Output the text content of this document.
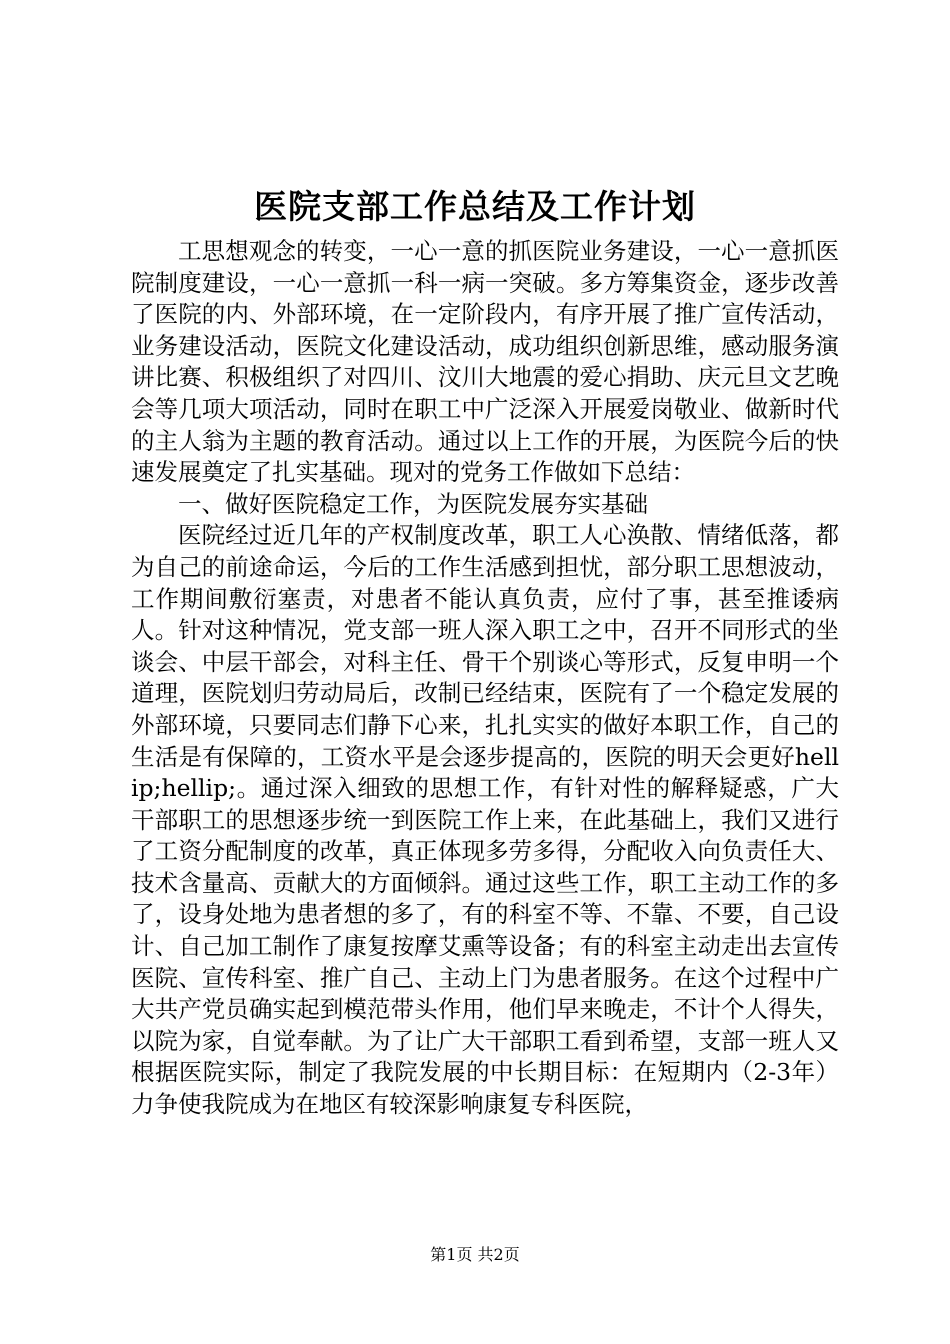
医院支部工作总结及工作计划

工思想观念的转变，一心一意的抓医院业务建设，一心一意抓医院制度建设，一心一意抓一科一病一突破。多方筹集资金，逐步改善了医院的内、外部环境，在一定阶段内，有序开展了推广宣传活动，业务建设活动，医院文化建设活动，成功组织创新思维，感动服务演讲比赛、积极组织了对四川、汶川大地震的爱心捐助、庆元旦文艺晚会等几项大项活动，同时在职工中广泛深入开展爱岗敬业、做新时代的主人翁为主题的教育活动。通过以上工作的开展，为医院今后的快速发展奠定了扎实基础。现对的党务工作做如下总结：

一、做好医院稳定工作，为医院发展夯实基础

医院经过近几年的产权制度改革，职工人心涣散、情绪低落，都为自己的前途命运，今后的工作生活感到担忧，部分职工思想波动，工作期间敷衍塞责，对患者不能认真负责，应付了事，甚至推诿病人。针对这种情况，党支部一班人深入职工之中，召开不同形式的坐谈会、中层干部会，对科主任、骨干个别谈心等形式，反复申明一个道理，医院划归劳动局后，改制已经结束，医院有了一个稳定发展的外部环境，只要同志们静下心来，扎扎实实的做好本职工作，自己的生活是有保障的，工资水平是会逐步提高的，医院的明天会更好hellip;hellip;。通过深入细致的思想工作，有针对性的解释疑惑，广大干部职工的思想逐步统一到医院工作上来，在此基础上，我们又进行了工资分配制度的改革，真正体现多劳多得，分配收入向负责任大、技术含量高、贡献大的方面倾斜。通过这些工作，职工主动工作的多了，设身处地为患者想的多了，有的科室不等、不靠、不要，自己设计、自己加工制作了康复按摩艾熏等设备；有的科室主动走出去宣传医院、宣传科室、推广自己、主动上门为患者服务。在这个过程中广大共产党员确实起到模范带头作用，他们早来晚走，不计个人得失，以院为家，自觉奉献。为了让广大干部职工看到希望，支部一班人又根据医院实际，制定了我院发展的中长期目标：在短期内（2-3年）力争使我院成为在地区有较深影响康复专科医院，

第1页 共2页
